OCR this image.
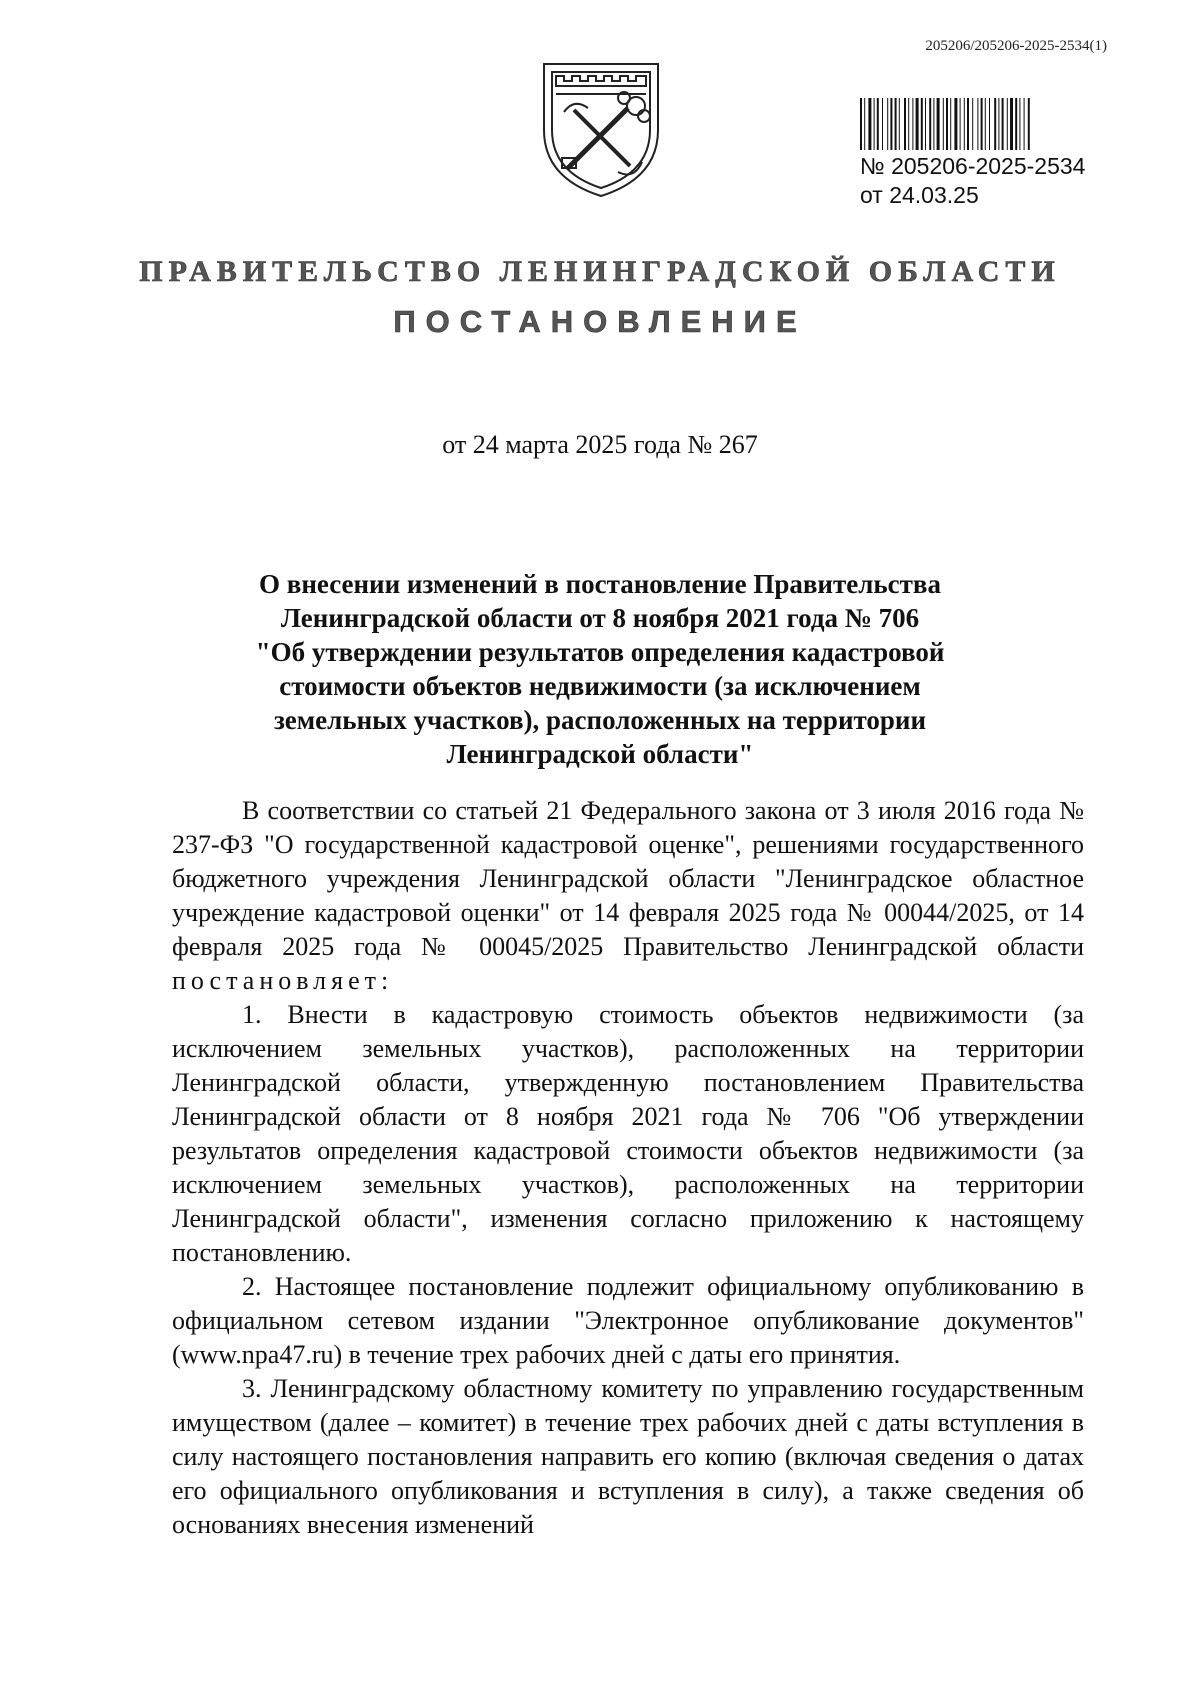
205206/205206-2025-2534(1)
№ 205206-2025-2534
от 24.03.25
ПРАВИТЕЛЬСТВО ЛЕНИНГРАДСКОЙ ОБЛАСТИ
ПОСТАНОВЛЕНИЕ
от 24 марта 2025 года № 267
О внесении изменений в постановление Правительства
Ленинградской области от 8 ноября 2021 года № 706
"Об утверждении результатов определения кадастровой
стоимости объектов недвижимости (за исключением
земельных участков), расположенных на территории
Ленинградской области"

В соответствии со статьей 21 Федерального закона от 3 июля 2016 года № 237-ФЗ "О государственной кадастровой оценке", решениями государственного бюджетного учреждения Ленинградской области "Ленинградское областное учреждение кадастровой оценки" от 14 февраля 2025 года № 00044/2025, от 14 февраля 2025 года № 00045/2025 Правительство Ленинградской области постановляет:

1. Внести в кадастровую стоимость объектов недвижимости (за исключением земельных участков), расположенных на территории Ленинградской области, утвержденную постановлением Правительства Ленинградской области от 8 ноября 2021 года № 706 "Об утверждении результатов определения кадастровой стоимости объектов недвижимости (за исключением земельных участков), расположенных на территории Ленинградской области", изменения согласно приложению к настоящему постановлению.

2. Настоящее постановление подлежит официальному опубликованию в официальном сетевом издании "Электронное опубликование документов" (www.npa47.ru) в течение трех рабочих дней с даты его принятия.

3. Ленинградскому областному комитету по управлению государственным имуществом (далее – комитет) в течение трех рабочих дней с даты вступления в силу настоящего постановления направить его копию (включая сведения о датах его официального опубликования и вступления в силу), а также сведения об основаниях внесения изменений
